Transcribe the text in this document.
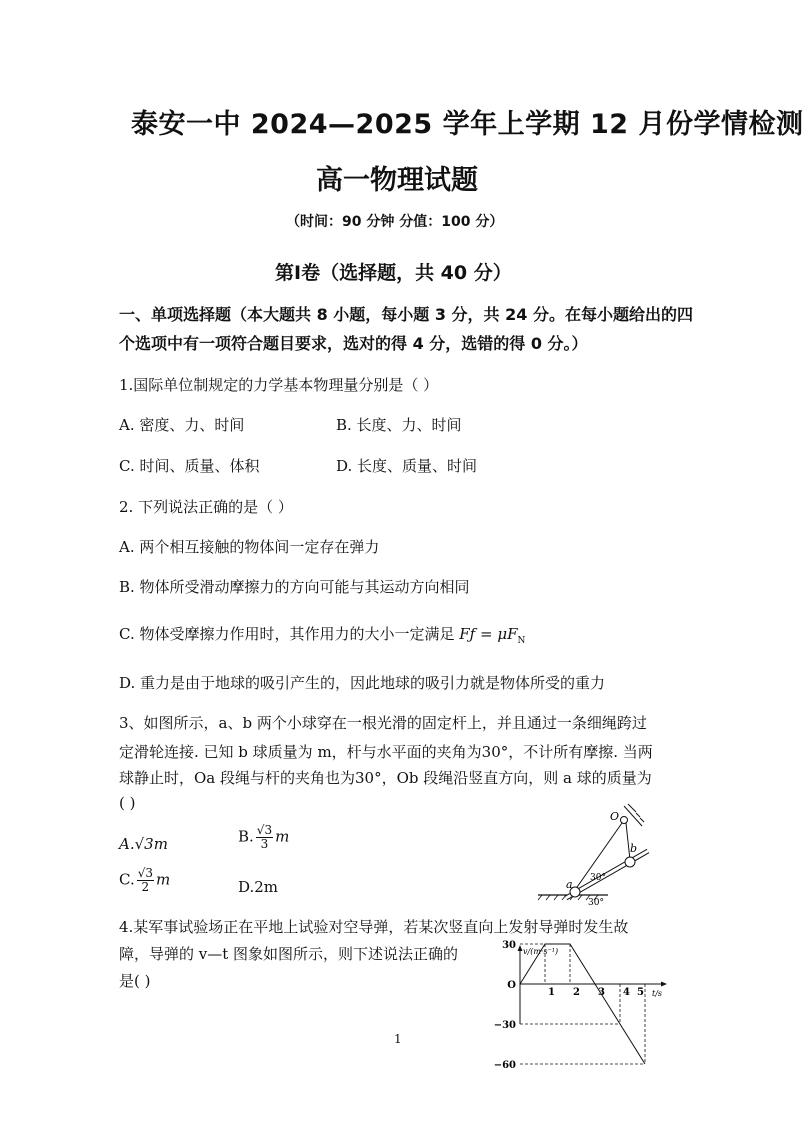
泰安一中 2024—2025 学年上学期 12 月份学情检测
高一物理试题
（时间：90 分钟 分值：100 分）
第Ⅰ卷（选择题，共 40 分）
一、单项选择题（本大题共 8 小题，每小题 3 分，共 24 分。在每小题给出的四
个选项中有一项符合题目要求，选对的得 4 分，选错的得 0 分。）
1.国际单位制规定的力学基本物理量分别是（ ）
A. 密度、力、时间	B. 长度、力、时间
C. 时间、质量、体积	D. 长度、质量、时间
2. 下列说法正确的是（ ）
A. 两个相互接触的物体间一定存在弹力
B. 物体所受滑动摩擦力的方向可能与其运动方向相同
C. 物体受摩擦力作用时，其作用力的大小一定满足 Fƒ = $\mu F_N$
D. 重力是由于地球的吸引产生的，因此地球的吸引力就是物体所受的重力
3、如图所示，a、b 两个小球穿在一根光滑的固定杆上，并且通过一条细绳跨过
定滑轮连接. 已知 b 球质量为 m，杆与水平面的夹角为30°，不计所有摩擦. 当两
球静止时，Oa 段绳与杆的夹角也为30°，Ob 段绳沿竖直方向，则 a 球的质量为
( )
A.√3m	B. $\frac{√3}{3}$ m
C. $\frac{√3}{2}$ m	D.2m
O
a
b
30°
30°
4.某军事试验场正在平地上试验对空导弹，若某次竖直向上发射导弹时发生故
障，导弹的 v—t 图象如图所示，则下述说法正确的
是( )
v/(m·s⁻¹)
t/s
1 2 3 4 5
30
O
−30
−60
1
